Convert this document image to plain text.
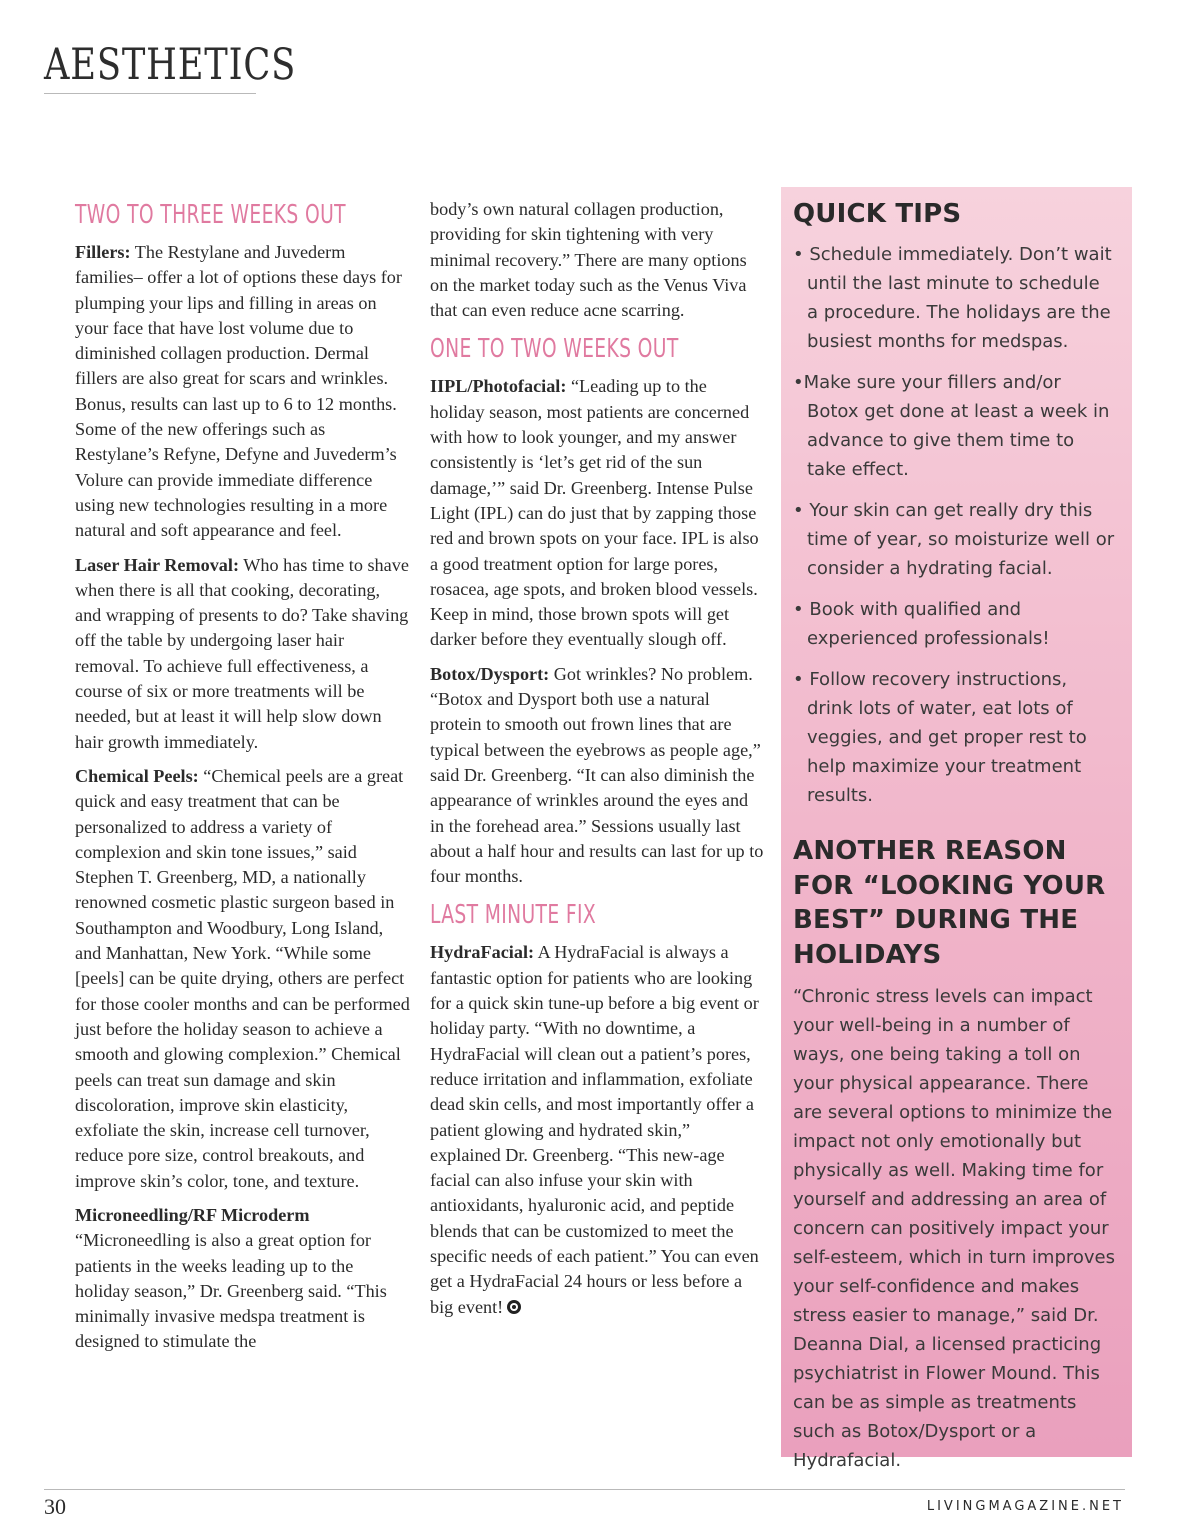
AESTHETICS
TWO TO THREE WEEKS OUT

Fillers: The Restylane and Juvederm families– offer a lot of options these days for plumping your lips and filling in areas on your face that have lost volume due to diminished collagen production. Dermal fillers are also great for scars and wrinkles. Bonus, results can last up to 6 to 12 months. Some of the new offerings such as Restylane’s Refyne, Defyne and Juvederm’s Volure can provide immediate difference using new technologies resulting in a more natural and soft appearance and feel.

Laser Hair Removal: Who has time to shave when there is all that cooking, decorating, and wrapping of presents to do? Take shaving off the table by undergoing laser hair removal. To achieve full effectiveness, a course of six or more treatments will be needed, but at least it will help slow down hair growth immediately.

Chemical Peels: “Chemical peels are a great quick and easy treatment that can be personalized to address a variety of complexion and skin tone issues,” said Stephen T. Greenberg, MD, a nationally renowned cosmetic plastic surgeon based in Southampton and Woodbury, Long Island, and Manhattan, New York. “While some [peels] can be quite drying, others are perfect for those cooler months and can be performed just before the holiday season to achieve a smooth and glowing complexion.” Chemical peels can treat sun damage and skin discoloration, improve skin elasticity, exfoliate the skin, increase cell turnover, reduce pore size, control breakouts, and improve skin’s color, tone, and texture.

Microneedling/RF Microderm
“Microneedling is also a great option for patients in the weeks leading up to the holiday season,” Dr. Greenberg said. “This minimally invasive medspa treatment is designed to stimulate the

body’s own natural collagen production, providing for skin tightening with very minimal recovery.” There are many options on the market today such as the Venus Viva that can even reduce acne scarring.

ONE TO TWO WEEKS OUT

IIPL/Photofacial: “Leading up to the holiday season, most patients are concerned with how to look younger, and my answer consistently is ‘let’s get rid of the sun damage,’” said Dr. Greenberg. Intense Pulse Light (IPL) can do just that by zapping those red and brown spots on your face. IPL is also a good treatment option for large pores, rosacea, age spots, and broken blood vessels. Keep in mind, those brown spots will get darker before they eventually slough off.

Botox/Dysport: Got wrinkles? No problem. “Botox and Dysport both use a natural protein to smooth out frown lines that are typical between the eyebrows as people age,” said Dr. Greenberg. “It can also diminish the appearance of wrinkles around the eyes and in the forehead area.” Sessions usually last about a half hour and results can last for up to four months.

LAST MINUTE FIX

HydraFacial: A HydraFacial is always a fantastic option for patients who are looking for a quick skin tune-up before a big event or holiday party. “With no downtime, a HydraFacial will clean out a patient’s pores, reduce irritation and inflammation, exfoliate dead skin cells, and most importantly offer a patient glowing and hydrated skin,” explained Dr. Greenberg. “This new-age facial can also infuse your skin with antioxidants, hyaluronic acid, and peptide blends that can be customized to meet the specific needs of each patient.” You can even get a HydraFacial 24 hours or less before a big event!

QUICK TIPS
• Schedule immediately. Don’t wait until the last minute to schedule a procedure. The holidays are the busiest months for medspas.
•Make sure your fillers and/or Botox get done at least a week in advance to give them time to take effect.
• Your skin can get really dry this time of year, so moisturize well or consider a hydrating facial.
• Book with qualified and experienced professionals!
• Follow recovery instructions, drink lots of water, eat lots of veggies, and get proper rest to help maximize your treatment results.
ANOTHER REASON FOR “LOOKING YOUR BEST” DURING THE HOLIDAYS

“Chronic stress levels can impact your well-being in a number of ways, one being taking a toll on your physical appearance. There are several options to minimize the impact not only emotionally but physically as well. Making time for yourself and addressing an area of concern can positively impact your self-esteem, which in turn improves your self-confidence and makes stress easier to manage,” said Dr. Deanna Dial, a licensed practicing psychiatrist in Flower Mound. This can be as simple as treatments such as Botox/Dysport or a Hydrafacial.

30	LIVINGMAGAZINE.NET
